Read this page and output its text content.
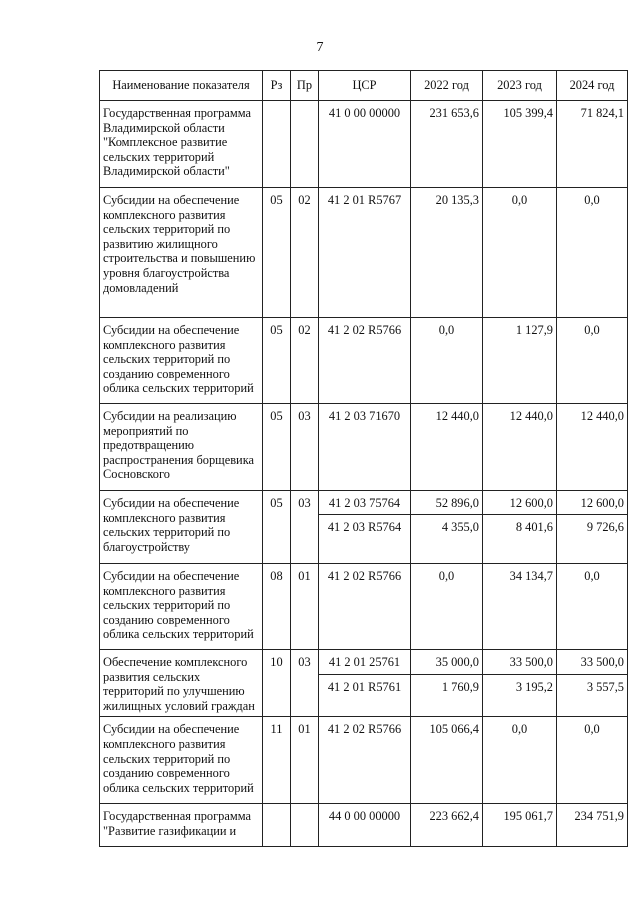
7
Наименование показателя	Рз	Пр	ЦСР	2022 год	2023 год	2024 год
Государственная программа Владимирской области "Комплексное развитие сельских территорий Владимирской области"			41 0 00 00000	231 653,6	105 399,4	71 824,1
Субсидии на обеспечение комплексного развития сельских территорий по развитию жилищного строительства и повышению уровня благоустройства домовладений	05	02	41 2 01 R5767	20 135,3	0,0	0,0
Субсидии на обеспечение комплексного развития сельских территорий по созданию современного облика сельских территорий	05	02	41 2 02 R5766	0,0	1 127,9	0,0
Субсидии на реализацию мероприятий по предотвращению распространения борщевика Сосновского	05	03	41 2 03 71670	12 440,0	12 440,0	12 440,0
Субсидии на обеспечение комплексного развития сельских территорий по благоустройству	05	03	41 2 03 75764	52 896,0	12 600,0	12 600,0
			41 2 03 R5764	4 355,0	8 401,6	9 726,6
Субсидии на обеспечение комплексного развития сельских территорий по созданию современного облика сельских территорий	08	01	41 2 02 R5766	0,0	34 134,7	0,0
Обеспечение комплексного развития сельских территорий по улучшению жилищных условий граждан	10	03	41 2 01 25761	35 000,0	33 500,0	33 500,0
			41 2 01 R5761	1 760,9	3 195,2	3 557,5
Субсидии на обеспечение комплексного развития сельских территорий по созданию современного облика сельских территорий	11	01	41 2 02 R5766	105 066,4	0,0	0,0
Государственная программа "Развитие газификации и			44 0 00 00000	223 662,4	195 061,7	234 751,9
